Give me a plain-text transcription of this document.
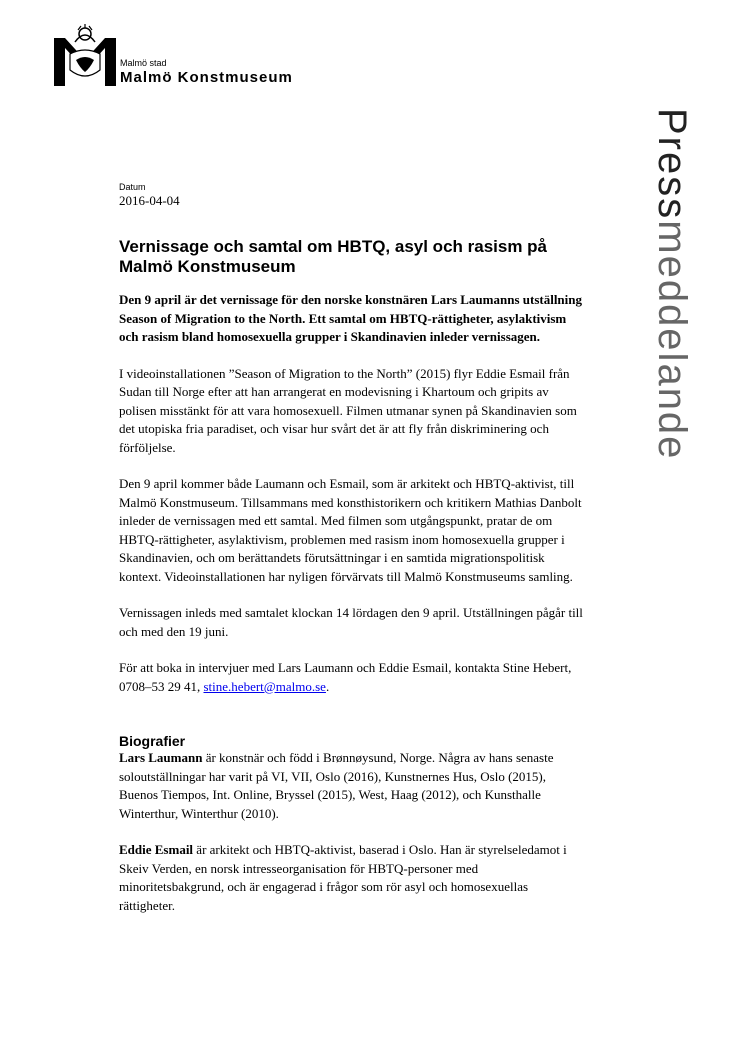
Malmö stad
Malmö Konstmuseum
Pressmeddelande
Datum
2016-04-04
Vernissage och samtal om HBTQ, asyl och rasism på Malmö Konstmuseum

Den 9 april är det vernissage för den norske konstnären Lars Laumanns utställning Season of Migration to the North. Ett samtal om HBTQ-rättigheter, asylaktivism och rasism bland homosexuella grupper i Skandinavien inleder vernissagen.

I videoinstallationen ”Season of Migration to the North” (2015) flyr Eddie Esmail från Sudan till Norge efter att han arrangerat en modevisning i Khartoum och gripits av polisen misstänkt för att vara homosexuell. Filmen utmanar synen på Skandinavien som det utopiska fria paradiset, och visar hur svårt det är att fly från diskriminering och förföljelse.

Den 9 april kommer både Laumann och Esmail, som är arkitekt och HBTQ-aktivist, till Malmö Konstmuseum. Tillsammans med konsthistorikern och kritikern Mathias Danbolt inleder de vernissagen med ett samtal. Med filmen som utgångspunkt, pratar de om HBTQ-rättigheter, asylaktivism, problemen med rasism inom homosexuella grupper i Skandinavien, och om berättandets förutsättningar i en samtida migrationspolitisk kontext. Videoinstallationen har nyligen förvärvats till Malmö Konstmuseums samling.

Vernissagen inleds med samtalet klockan 14 lördagen den 9 april. Utställningen pågår till och med den 19 juni.

För att boka in intervjuer med Lars Laumann och Eddie Esmail, kontakta Stine Hebert, 0708–53 29 41, stine.hebert@malmo.se.

Biografier

Lars Laumann är konstnär och född i Brønnøysund, Norge. Några av hans senaste soloutställningar har varit på VI, VII, Oslo (2016), Kunstnernes Hus, Oslo (2015), Buenos Tiempos, Int. Online, Bryssel (2015), West, Haag (2012), och Kunsthalle Winterthur, Winterthur (2010).

Eddie Esmail är arkitekt och HBTQ-aktivist, baserad i Oslo. Han är styrelseledamot i Skeiv Verden, en norsk intresseorganisation för HBTQ-personer med minoritetsbakgrund, och är engagerad i frågor som rör asyl och homosexuellas rättigheter.
